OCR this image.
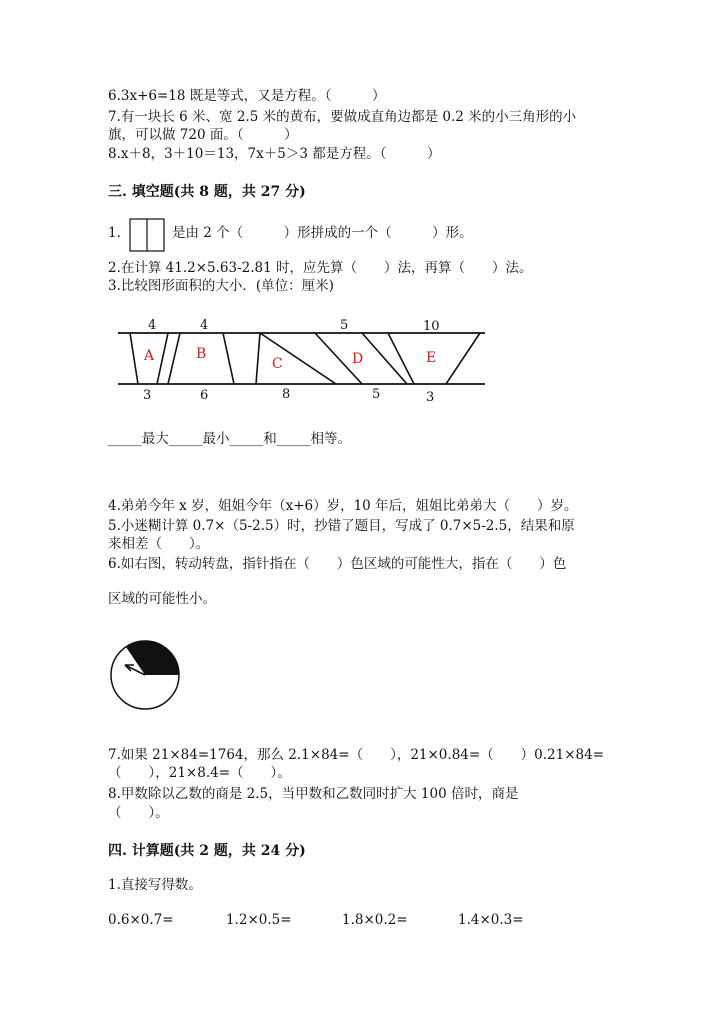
6.3x+6=18 既是等式，又是方程。（　　　）
7.有一块长 6 米、宽 2.5 米的黄布，要做成直角边都是 0.2 米的小三角形的小
旗，可以做 720 面。（　　　）
8.x＋8，3＋10＝13，7x＋5＞3 都是方程。（　　　）
三. 填空题(共 8 题，共 27 分)
1.	是由 2 个（　　　）形拼成的一个（　　　）形。
2.在计算 41.2×5.63-2.81 时，应先算（　　）法，再算（　　）法。
3.比较图形面积的大小．(单位：厘米)
4	4	5	10
3	6	8	5	3
A	B
C	D	E
_____最大_____最小_____和_____相等。
4.弟弟今年 x 岁，姐姐今年（x+6）岁，10 年后，姐姐比弟弟大（　　）岁。
5.小迷糊计算 0.7×（5-2.5）时，抄错了题目，写成了 0.7×5-2.5，结果和原
来相差（　　）。
6.如右图，转动转盘，指针指在（　　）色区域的可能性大，指在（　　）色
区域的可能性小。
7.如果 21×84=1764，那么 2.1×84=（　　），21×0.84=（　　）0.21×84=
（　　），21×8.4=（　　）。
8.甲数除以乙数的商是 2.5，当甲数和乙数同时扩大 100 倍时，商是
（　　）。
四. 计算题(共 2 题，共 24 分)
1.直接写得数。
0.6×0.7=	1.2×0.5=	1.8×0.2=	1.4×0.3=
